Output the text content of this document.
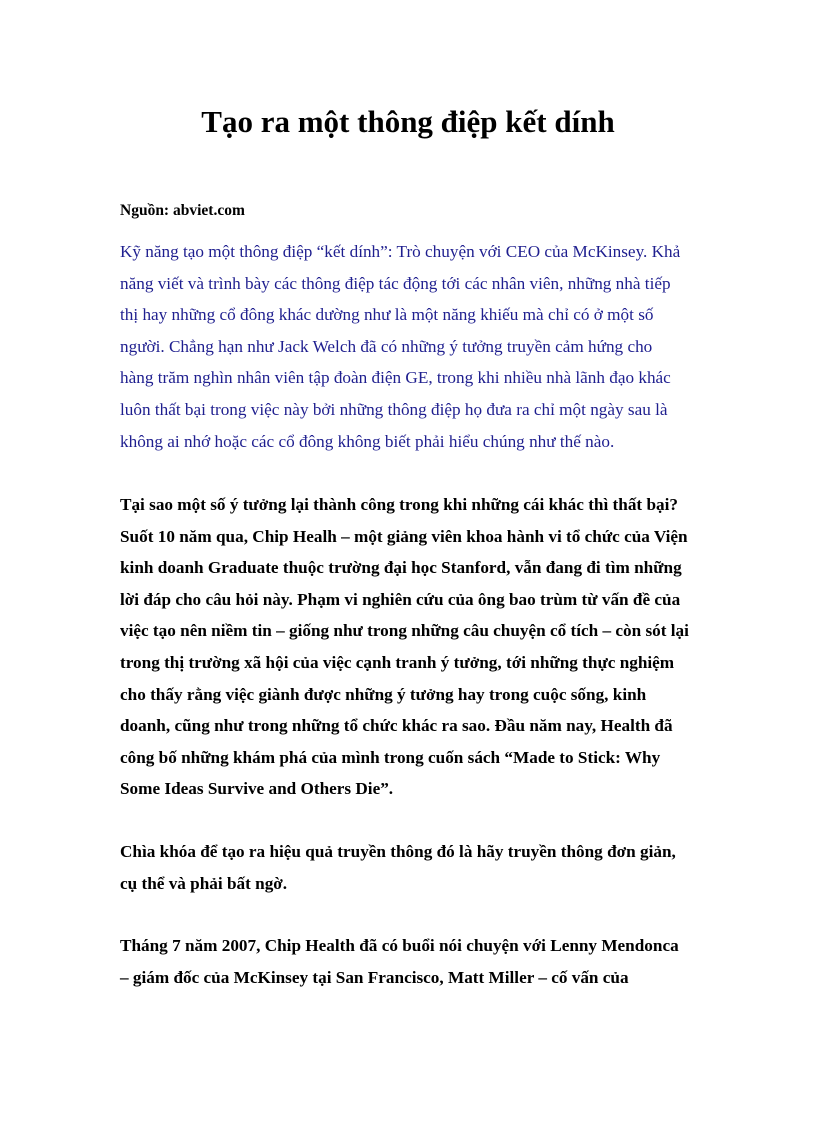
Tạo ra một thông điệp kết dính

Nguồn: abviet.com

Kỹ năng tạo một thông điệp “kết dính”: Trò chuyện với CEO của McKinsey. Khả
năng viết và trình bày các thông điệp tác động tới các nhân viên, những nhà tiếp
thị hay những cổ đông khác dường như là một năng khiếu mà chỉ có ở một số
người. Chẳng hạn như Jack Welch đã có những ý tưởng truyền cảm hứng cho
hàng trăm nghìn nhân viên tập đoàn điện GE, trong khi nhiều nhà lãnh đạo khác
luôn thất bại trong việc này bởi những thông điệp họ đưa ra chỉ một ngày sau là
không ai nhớ hoặc các cổ đông không biết phải hiểu chúng như thế nào.
Tại sao một số ý tưởng lại thành công trong khi những cái khác thì thất bại?
Suốt 10 năm qua, Chip Healh – một giảng viên khoa hành vi tổ chức của Viện
kinh doanh Graduate thuộc trường đại học Stanford, vẫn đang đi tìm những
lời đáp cho câu hỏi này. Phạm vi nghiên cứu của ông bao trùm từ vấn đề của
việc tạo nên niềm tin – giống như trong những câu chuyện cổ tích – còn sót lại
trong thị trường xã hội của việc cạnh tranh ý tưởng, tới những thực nghiệm
cho thấy rằng việc giành được những ý tưởng hay trong cuộc sống, kinh
doanh, cũng như trong những tổ chức khác ra sao. Đầu năm nay, Health đã
công bố những khám phá của mình trong cuốn sách “Made to Stick: Why
Some Ideas Survive and Others Die”.
Chìa khóa để tạo ra hiệu quả truyền thông đó là hãy truyền thông đơn giản,
cụ thể và phải bất ngờ.
Tháng 7 năm 2007, Chip Health đã có buổi nói chuyện với Lenny Mendonca
– giám đốc của McKinsey tại San Francisco, Matt Miller – cố vấn của
